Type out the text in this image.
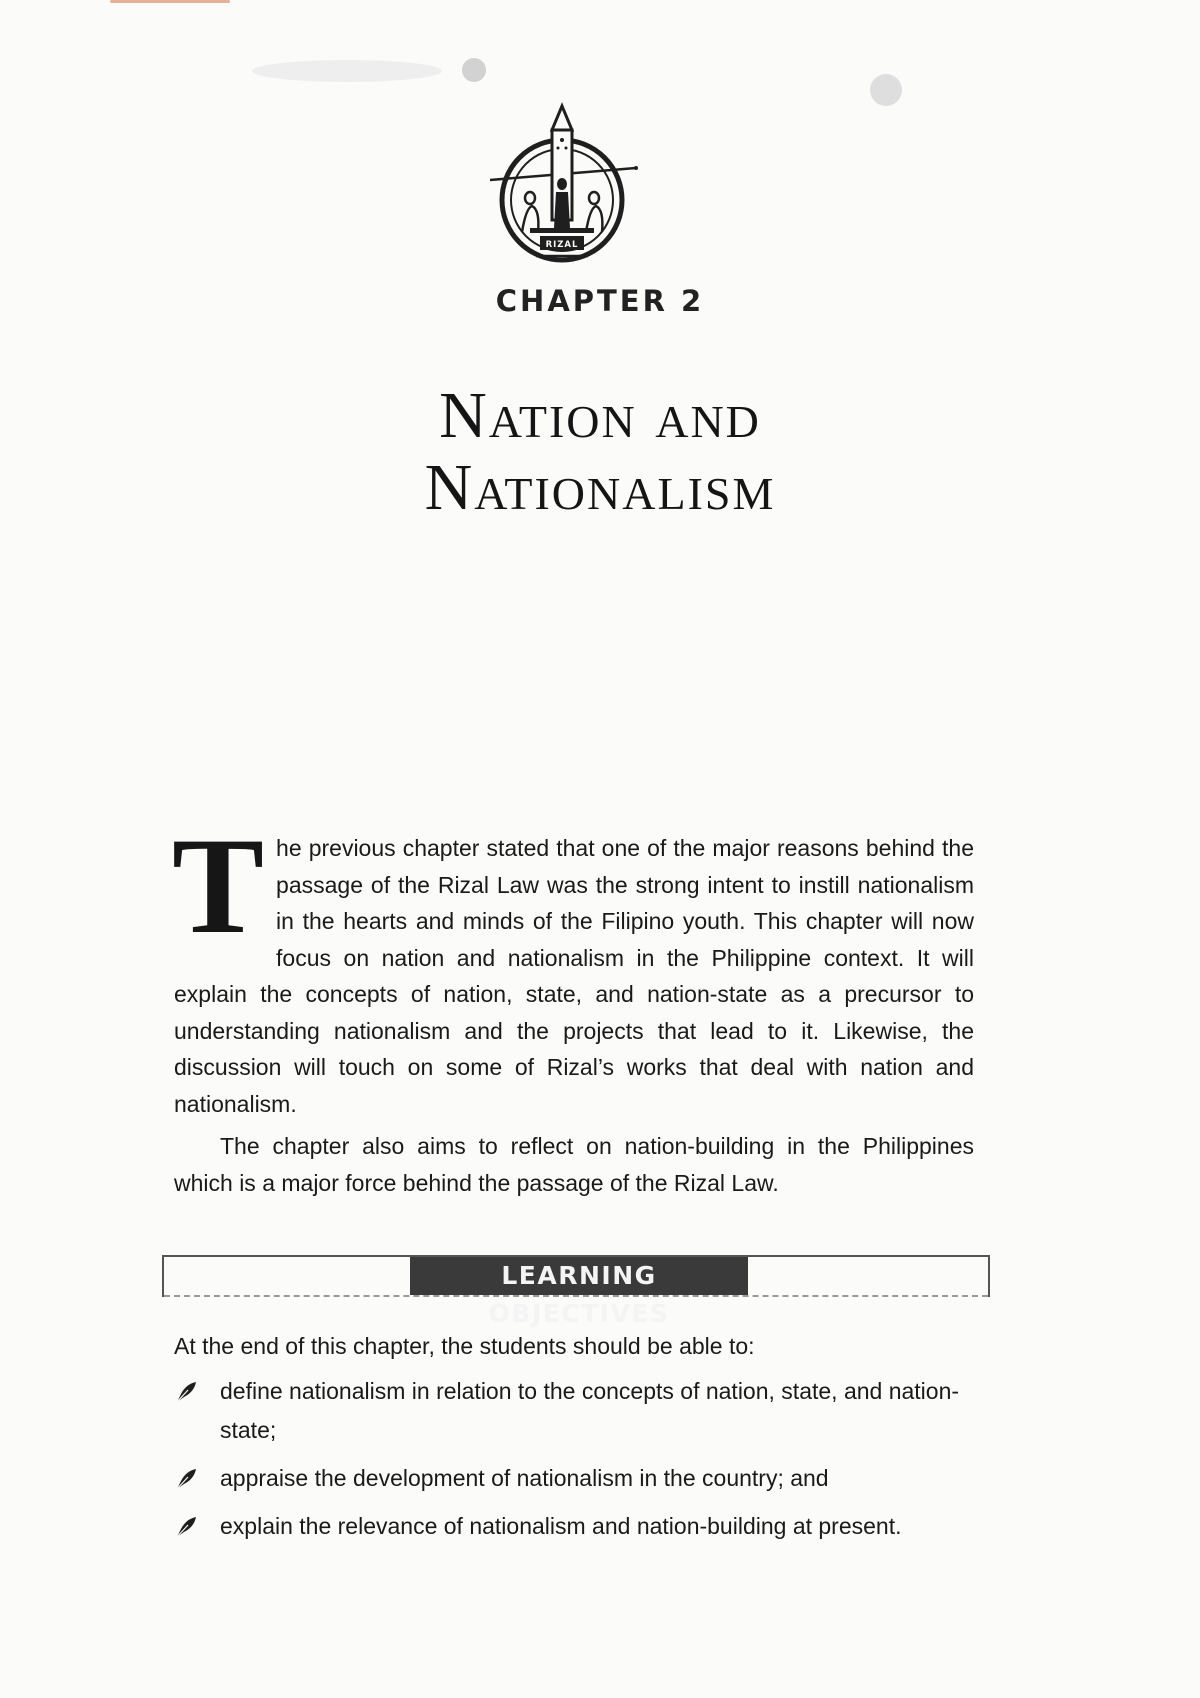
RIZAL
CHAPTER 2
Nation and
Nationalism

The previous chapter stated that one of the major reasons behind the passage of the Rizal Law was the strong intent to instill nationalism in the hearts and minds of the Filipino youth. This chapter will now focus on nation and nationalism in the Philippine context. It will explain the concepts of nation, state, and nation-state as a precursor to understanding nationalism and the projects that lead to it. Likewise, the discussion will touch on some of Rizal’s works that deal with nation and nationalism.

The chapter also aims to reflect on nation-building in the Philippines which is a major force behind the passage of the Rizal Law.

LEARNING OBJECTIVES
At the end of this chapter, the students should be able to:
define nationalism in relation to the concepts of nation, state, and nation-state;
appraise the development of nationalism in the country; and
explain the relevance of nationalism and nation-building at present.
